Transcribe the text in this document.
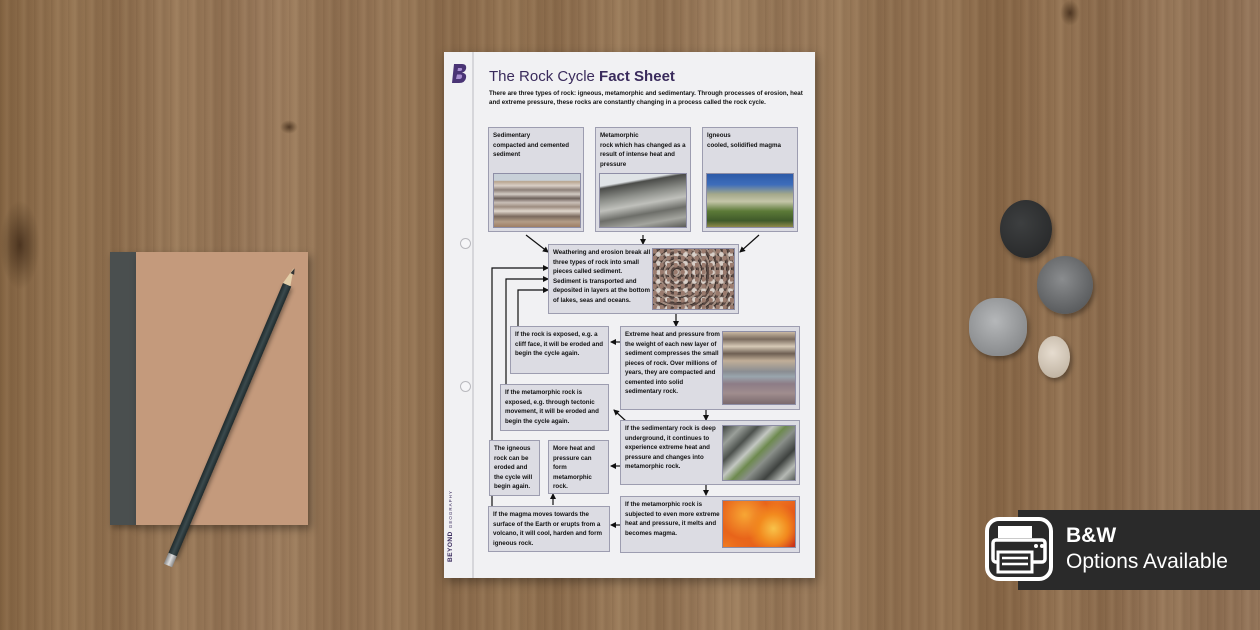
BEYONDGEOGRAPHY
The Rock Cycle Fact Sheet
There are three types of rock: igneous, metamorphic and sedimentary. Through processes of erosion, heat and extreme pressure, these rocks are constantly changing in a process called the rock cycle.
Sedimentary
compacted and cemented sediment
Metamorphic
rock which has changed as a result of intense heat and pressure
Igneous
cooled, solidified magma
Weathering and erosion break all three types of rock into small pieces called sediment. Sediment is transported and deposited in layers at the bottom of lakes, seas and oceans.
If the rock is exposed, e.g. a cliff face, it will be eroded and begin the cycle again.
Extreme heat and pressure from the weight of each new layer of sediment compresses the small pieces of rock. Over millions of years, they are compacted and cemented into solid sedimentary rock.
If the metamorphic rock is exposed, e.g. through tectonic movement, it will be eroded and begin the cycle again.
If the sedimentary rock is deep underground, it continues to experience extreme heat and pressure and changes into metamorphic rock.
The igneous rock can be eroded and the cycle will begin again.
More heat and pressure can form metamorphic rock.
If the magma moves towards the surface of the Earth or erupts from a volcano, it will cool, harden and form igneous rock.
If the metamorphic rock is subjected to even more extreme heat and pressure, it melts and becomes magma.	B&W
Options Available
